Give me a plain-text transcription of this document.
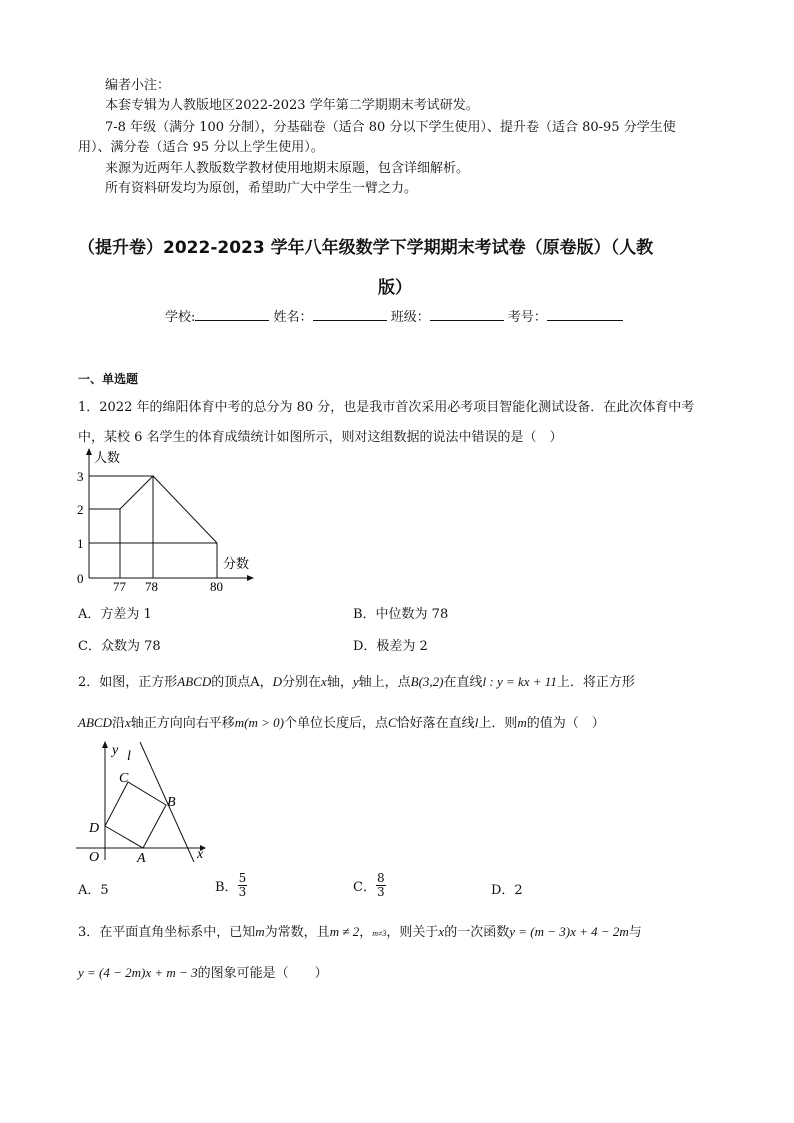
编者小注：
本套专辑为人教版地区2022-2023 学年第二学期期末考试研发。
7-8 年级（满分 100 分制），分基础卷（适合 80 分以下学生使用）、提升卷（适合 80-95 分学生使
用）、满分卷（适合 95 分以上学生使用）。
来源为近两年人教版数学教材使用地期末原题，包含详细解析。
所有资料研发均为原创，希望助广大中学生一臂之力。
（提升卷）2022-2023 学年八年级数学下学期期末考试卷（原卷版）（人教
版）
学校:	姓名：	班级：	考号：
一、单选题
1．2022 年的绵阳体育中考的总分为 80 分，也是我市首次采用必考项目智能化测试设备．在此次体育中考
中，某校 6 名学生的体育成绩统计如图所示，则对这组数据的说法中错误的是（　）
人数
分数
3
2
1
0
77 78	80
A．方差为 1	B．中位数为 78
C．众数为 78	D．极差为 2
2．如图，正方形ABCD的顶点A，D分别在x轴，y轴上，点B(3,2)在直线l : y = kx + 11上．将正方形
ABCD沿x轴正方向向右平移m(m > 0)个单位长度后，点C恰好落在直线l上．则m的值为（　）
y l
C
B
D
O	A	x
A．5	B． $\frac{5}{3}$	C． $\frac{8}{3}$	D．2
3．在平面直角坐标系中，已知m为常数，且m ≠ 2，m≠3，则关于x的一次函数y = (m − 3)x + 4 − 2m与
y = (4 − 2m)x + m − 3的图象可能是（　　）
